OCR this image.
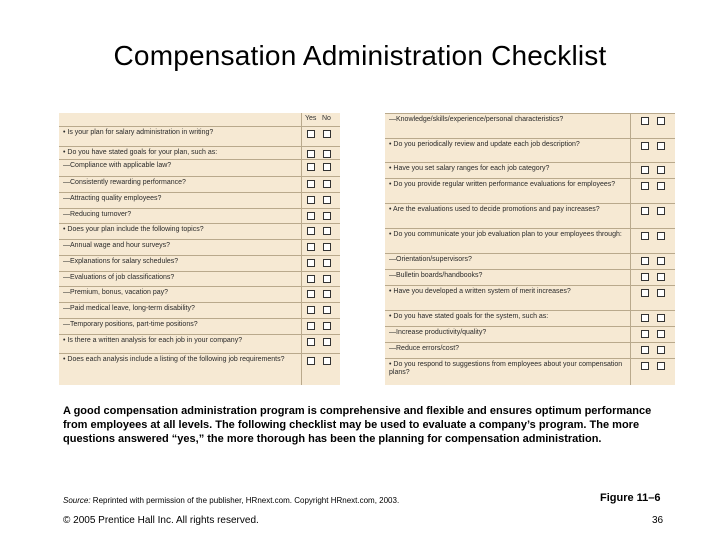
Compensation Administration Checklist
Yes No
• Is your plan for salary administration in writing?
• Do you have stated goals for your plan, such as:
—Compliance with applicable law?
—Consistently rewarding performance?
—Attracting quality employees?
—Reducing turnover?
• Does your plan include the following topics?
—Annual wage and hour surveys?
—Explanations for salary schedules?
—Evaluations of job classifications?
—Premium, bonus, vacation pay?
—Paid medical leave, long-term disability?
—Temporary positions, part-time positions?
• Is there a written analysis for each job in your company?
• Does each analysis include a listing of the following job requirements?
—Knowledge/skills/experience/personal characteristics?
• Do you periodically review and update each job description?
• Have you set salary ranges for each job category?
• Do you provide regular written performance evaluations for employees?
• Are the evaluations used to decide promotions and pay increases?
• Do you communicate your job evaluation plan to your employees through:
—Orientation/supervisors?
—Bulletin boards/handbooks?
• Have you developed a written system of merit increases?
• Do you have stated goals for the system, such as:
—Increase productivity/quality?
—Reduce errors/cost?
• Do you respond to suggestions from employees about your compensation plans?
A good compensation administration program is comprehensive and flexible and ensures optimum performance from employees at all levels. The following checklist may be used to evaluate a company’s program. The more questions answered “yes,” the more thorough has been the planning for compensation administration.
Source: Reprinted with permission of the publisher, HRnext.com. Copyright HRnext.com, 2003.	Figure 11–6
© 2005 Prentice Hall Inc. All rights reserved.	36
